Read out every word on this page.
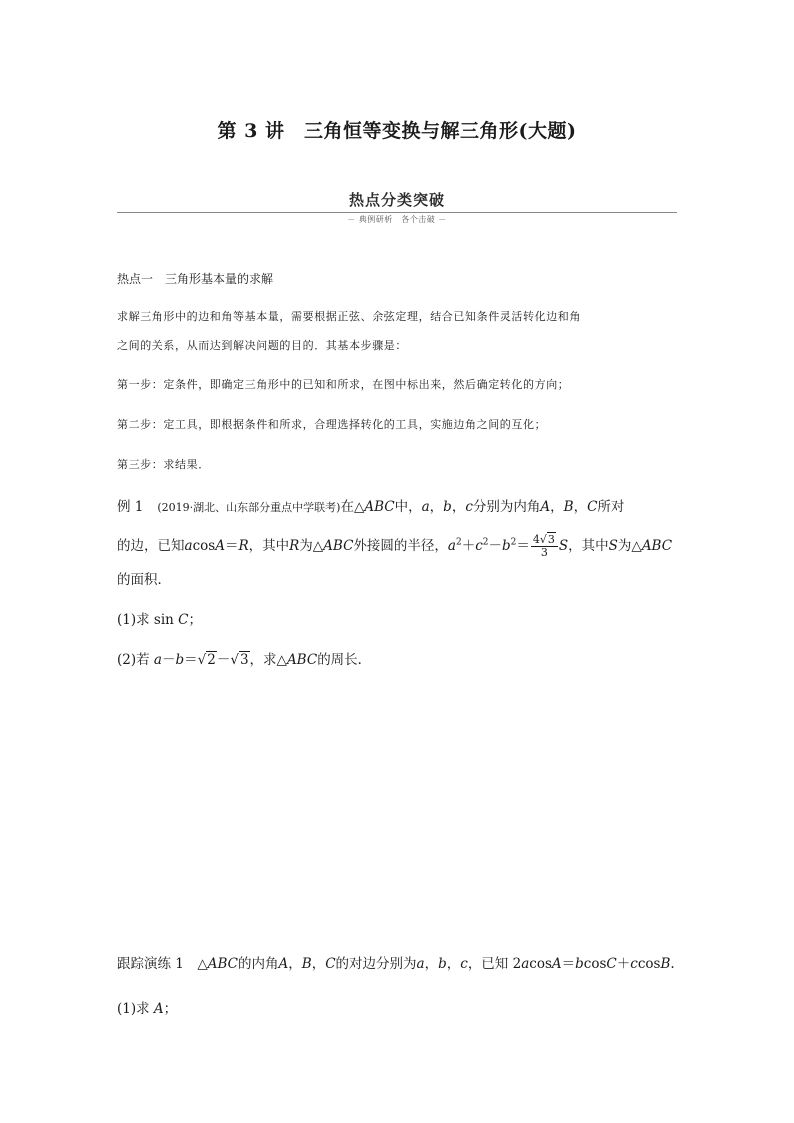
第 3 讲　三角恒等变换与解三角形(大题)
热点分类突破
－ 典例研析　各个击破 －
热点一　三角形基本量的求解
求解三角形中的边和角等基本量，需要根据正弦、余弦定理，结合已知条件灵活转化边和角
之间的关系，从而达到解决问题的目的．其基本步骤是：
第一步：定条件，即确定三角形中的已知和所求，在图中标出来，然后确定转化的方向；
第二步：定工具，即根据条件和所求，合理选择转化的工具，实施边角之间的互化；
第三步：求结果．
例 1 (2019·湖北、山东部分重点中学联考)在△ABC中，a，b，c分别为内角A，B，C所对
的边，已知acosA＝R，其中R为△ABC外接圆的半径，$a^2+c^2-b^2= \frac{4√3}{3}$ S，其中S为△ABC
的面积．
(1)求 sin C；
(2)若 a－b＝√2－√3，求△ABC的周长．
跟踪演练 1　△ABC的内角A，B，C的对边分别为a，b，c，已知 2acosA＝bcosC＋ccosB.
(1)求 A；
